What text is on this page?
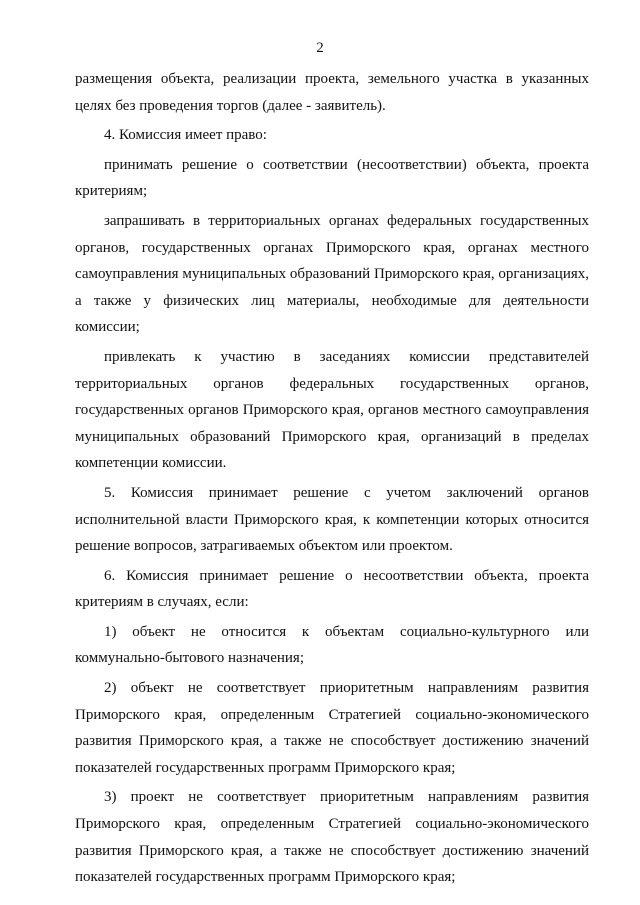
2

размещения объекта, реализации проекта, земельного участка в указанных целях без проведения торгов (далее - заявитель).

4. Комиссия имеет право:

принимать решение о соответствии (несоответствии) объекта, проекта критериям;

запрашивать в территориальных органах федеральных государственных органов, государственных органах Приморского края, органах местного самоуправления муниципальных образований Приморского края, организациях, а также у физических лиц материалы, необходимые для деятельности комиссии;

привлекать к участию в заседаниях комиссии представителей территориальных органов федеральных государственных органов, государственных органов Приморского края, органов местного самоуправления муниципальных образований Приморского края, организаций в пределах компетенции комиссии.

5. Комиссия принимает решение с учетом заключений органов исполнительной власти Приморского края, к компетенции которых относится решение вопросов, затрагиваемых объектом или проектом.

6. Комиссия принимает решение о несоответствии объекта, проекта критериям в случаях, если:

1) объект не относится к объектам социально-культурного или коммунально-бытового назначения;

2) объект не соответствует приоритетным направлениям развития Приморского края, определенным Стратегией социально-экономического развития Приморского края, а также не способствует достижению значений показателей государственных программ Приморского края;

3) проект не соответствует приоритетным направлениям развития Приморского края, определенным Стратегией социально-экономического развития Приморского края, а также не способствует достижению значений показателей государственных программ Приморского края;
